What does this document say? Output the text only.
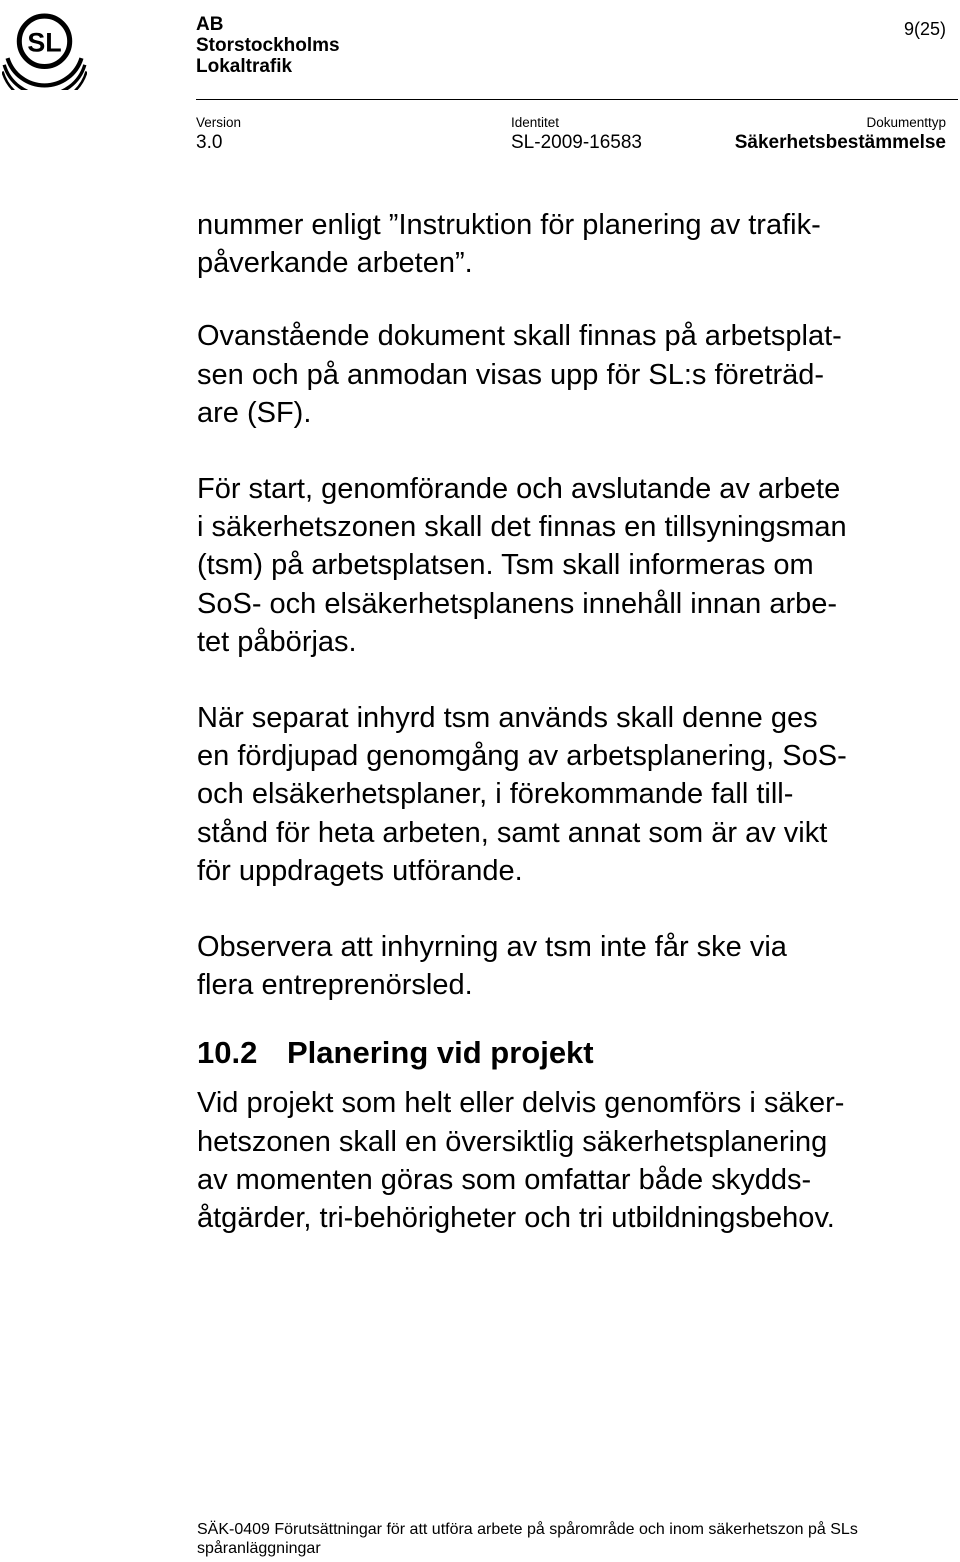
SL
AB
Storstockholms
Lokaltrafik
9(25)
Version
3.0
Identitet
SL-2009-16583
Dokumenttyp
Säkerhetsbestämmelse

nummer enligt ”Instruktion för planering av trafik-
påverkande arbeten”.

Ovanstående dokument skall finnas på arbetsplat-
sen och på anmodan visas upp för SL:s företräd-
are (SF).

För start, genomförande och avslutande av arbete
i säkerhetszonen skall det finnas en tillsyningsman
(tsm) på arbetsplatsen. Tsm skall informeras om
SoS- och elsäkerhetsplanens innehåll innan arbe-
tet påbörjas.

När separat inhyrd tsm används skall denne ges
en fördjupad genomgång av arbetsplanering, SoS-
och elsäkerhetsplaner, i förekommande fall till-
stånd för heta arbeten, samt annat som är av vikt
för uppdragets utförande.

Observera att inhyrning av tsm inte får ske via
flera entreprenörsled.

10.2 Planering vid projekt

Vid projekt som helt eller delvis genomförs i säker-
hetszonen skall en översiktlig säkerhetsplanering
av momenten göras som omfattar både skydds-
åtgärder, tri-behörigheter och tri utbildningsbehov.

SÄK-0409 Förutsättningar för att utföra arbete på spårområde och inom säkerhetszon på SLs
spåranläggningar
